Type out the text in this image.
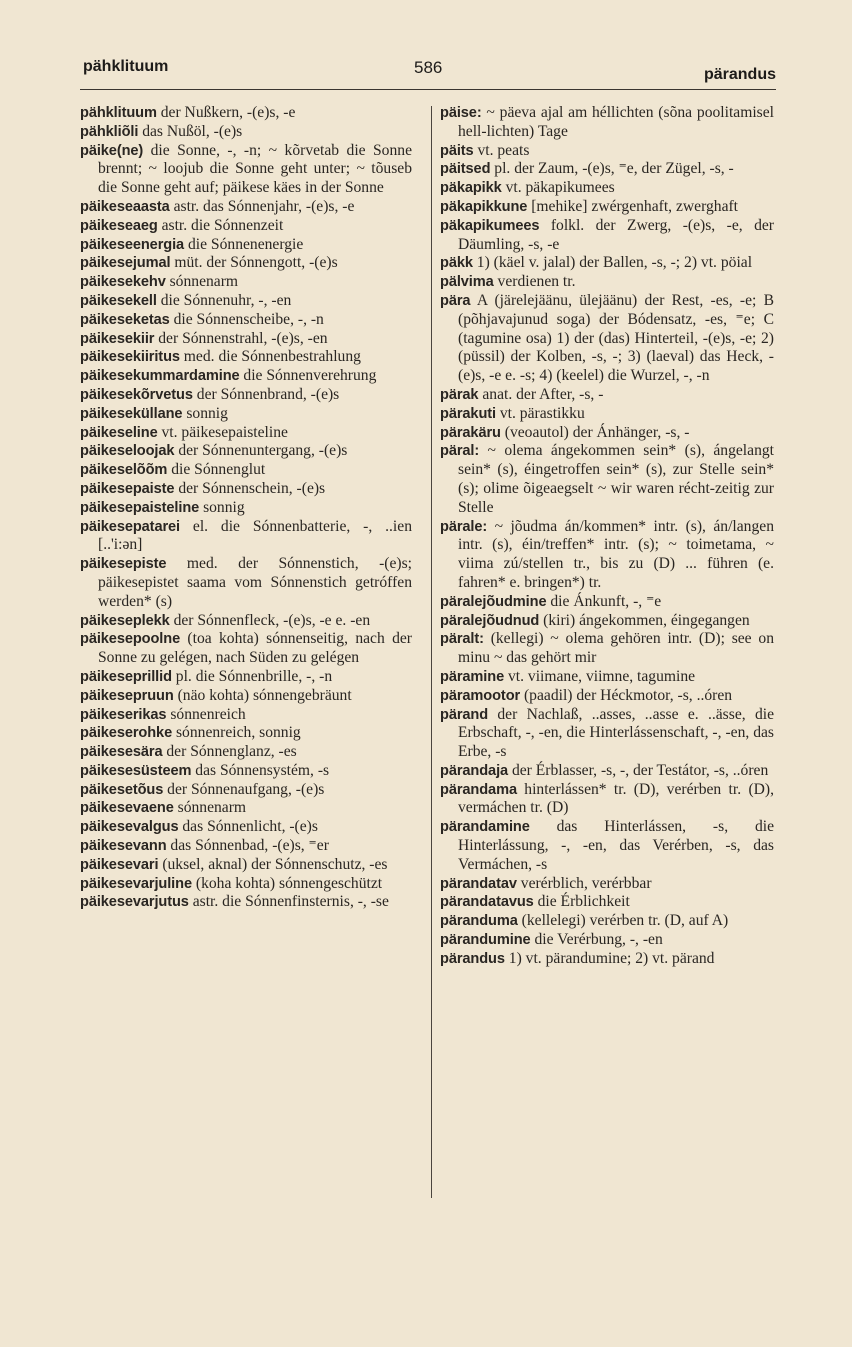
pähklituum	586	pärandus

pähklituum der Nußkern, -(e)s, -e

pähkliõli das Nußöl, -(e)s

päike(ne) die Sonne, -, -n; ~ kõrvetab die Sonne brennt; ~ loojub die Sonne geht unter; ~ tõuseb die Sonne geht auf; päikese käes in der Sonne

päikeseaasta astr. das Sónnenjahr, -(e)s, -e

päikeseaeg astr. die Sónnenzeit

päikeseenergia die Sónnenenergie

päikesejumal müt. der Sónnengott, -(e)s

päikesekehv sónnenarm

päikesekell die Sónnenuhr, -, -en

päikeseketas die Sónnenscheibe, -, -n

päikesekiir der Sónnenstrahl, -(e)s, -en

päikesekiiritus med. die Sónnenbestrahlung

päikesekummardamine die Sónnenverehrung

päikesekõrvetus der Sónnenbrand, -(e)s

päikeseküllane sonnig

päikeseline vt. päikesepaisteline

päikeseloojak der Sónnenuntergang, -(e)s

päikeselõõm die Sónnenglut

päikesepaiste der Sónnenschein, -(e)s

päikesepaisteline sonnig

päikesepatarei el. die Sónnenbatterie, -, ..ien [..'i:ən]

päikesepiste med. der Sónnenstich, -(e)s; päikesepistet saama vom Sónnenstich getróffen werden* (s)

päikeseplekk der Sónnenfleck, -(e)s, -e e. -en

päikesepoolne (toa kohta) sónnenseitig, nach der Sonne zu gelégen, nach Süden zu gelégen

päikeseprillid pl. die Sónnenbrille, -, -n

päikesepruun (näo kohta) sónnengebräunt

päikeserikas sónnenreich

päikeserohke sónnenreich, sonnig

päikesesära der Sónnenglanz, -es

päikesesüsteem das Sónnensystém, -s

päikesetõus der Sónnenaufgang, -(e)s

päikesevaene sónnenarm

päikesevalgus das Sónnenlicht, -(e)s

päikesevann das Sónnenbad, -(e)s, ⁼er

päikesevari (uksel, aknal) der Sónnenschutz, -es

päikesevarjuline (koha kohta) sónnengeschützt

päikesevarjutus astr. die Sónnenfinsternis, -, -se

päise: ~ päeva ajal am héllichten (sõna poolitamisel hell-lichten) Tage

päits vt. peats

päitsed pl. der Zaum, -(e)s, ⁼e, der Zügel, -s, -

päkapikk vt. päkapikumees

päkapikkune [mehike] zwérgenhaft, zwerghaft

päkapikumees folkl. der Zwerg, -(e)s, -e, der Däumling, -s, -e

päkk 1) (käel v. jalal) der Ballen, -s, -; 2) vt. pöial

pälvima verdienen tr.

pära A (järelejäänu, ülejäänu) der Rest, -es, -e; B (põhjavajunud soga) der Bódensatz, -es, ⁼e; C (tagumine osa) 1) der (das) Hinterteil, -(e)s, -e; 2) (püssil) der Kolben, -s, -; 3) (laeval) das Heck, -(e)s, -e e. -s; 4) (keelel) die Wurzel, -, -n

pärak anat. der After, -s, -

pärakuti vt. pärastikku

pärakäru (veoautol) der Ánhänger, -s, -

päral: ~ olema ángekommen sein* (s), ángelangt sein* (s), éingetroffen sein* (s), zur Stelle sein* (s); olime õigeaegselt ~ wir waren récht-zeitig zur Stelle

pärale: ~ jõudma án/kommen* intr. (s), án/langen intr. (s), éin/treffen* intr. (s); ~ toimetama, ~ viima zú/stellen tr., bis zu (D) ... führen (e. fahren* e. bringen*) tr.

päralejõudmine die Ánkunft, -, ⁼e

päralejõudnud (kiri) ángekommen, éingegangen

päralt: (kellegi) ~ olema gehören intr. (D); see on minu ~ das gehört mir

päramine vt. viimane, viimne, tagumine

päramootor (paadil) der Héckmotor, -s, ..óren

pärand der Nachlaß, ..asses, ..asse e. ..ässe, die Erbschaft, -, -en, die Hinterlássenschaft, -, -en, das Erbe, -s

pärandaja der Érblasser, -s, -, der Testátor, -s, ..óren

pärandama hinterlássen* tr. (D), verérben tr. (D), vermáchen tr. (D)

pärandamine das Hinterlássen, -s, die Hinterlássung, -, -en, das Verérben, -s, das Vermáchen, -s

pärandatav verérblich, verérbbar

pärandatavus die Érblichkeit

päranduma (kellelegi) verérben tr. (D, auf A)

pärandumine die Verérbung, -, -en

pärandus 1) vt. pärandumine; 2) vt. pärand
